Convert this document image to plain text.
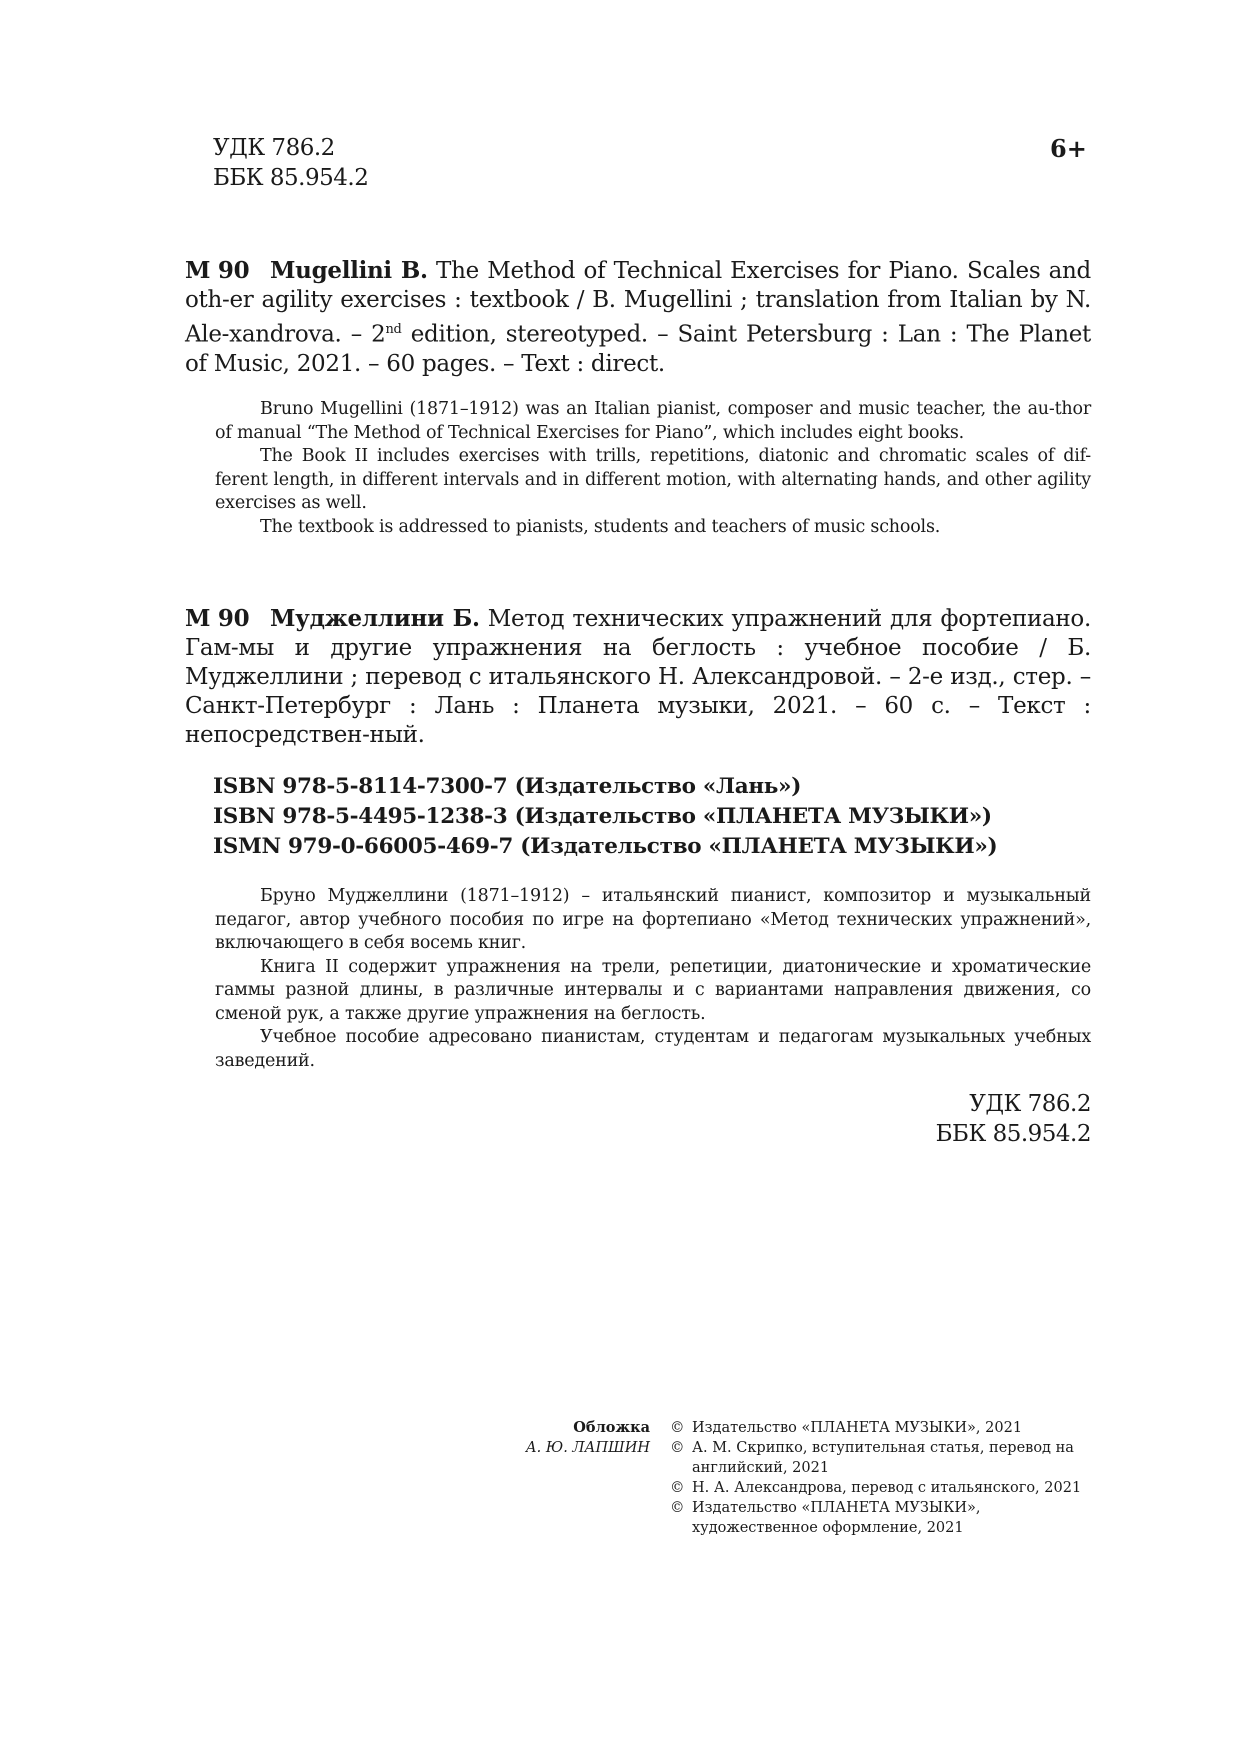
УДК 786.2
ББК 85.954.2
6+
M 90 Mugellini B. The Method of Technical Exercises for Piano. Scales and oth-er agility exercises : textbook / B. Mugellini ; translation from Italian by N. Ale-xandrova. – 2nd edition, stereotyped. – Saint Petersburg : Lan : The Planet of Music, 2021. – 60 pages. – Text : direct.

Bruno Mugellini (1871–1912) was an Italian pianist, composer and music teacher, the au-thor of manual “The Method of Technical Exercises for Piano”, which includes eight books.

The Book II includes exercises with trills, repetitions, diatonic and chromatic scales of dif-ferent length, in different intervals and in different motion, with alternating hands, and other agility exercises as well.

The textbook is addressed to pianists, students and teachers of music schools.

M 90 Муджеллини Б. Метод технических упражнений для фортепиано. Гам-мы и другие упражнения на беглость : учебное пособие / Б. Муджеллини ; перевод с итальянского Н. Александровой. – 2-е изд., стер. – Санкт-Петербург : Лань : Планета музыки, 2021. – 60 с. – Текст : непосредствен-ный.
ISBN 978-5-8114-7300-7 (Издательство «Лань»)
ISBN 978-5-4495-1238-3 (Издательство «ПЛАНЕТА МУЗЫКИ»)
ISMN 979-0-66005-469-7 (Издательство «ПЛАНЕТА МУЗЫКИ»)

Бруно Муджеллини (1871–1912) – итальянский пианист, композитор и музыкальный педагог, автор учебного пособия по игре на фортепиано «Метод технических упражнений», включающего в себя восемь книг.

Книга II содержит упражнения на трели, репетиции, диатонические и хроматические гаммы разной длины, в различные интервалы и с вариантами направления движения, со сменой рук, а также другие упражнения на беглость.

Учебное пособие адресовано пианистам, студентам и педагогам музыкальных учебных заведений.

УДК 786.2
ББК 85.954.2
Обложка
А. Ю. ЛАПШИН
© Издательство «ПЛАНЕТА МУЗЫКИ», 2021
© А. М. Скрипко, вступительная статья, перевод на английский, 2021
© Н. А. Александрова, перевод с итальянского, 2021
© Издательство «ПЛАНЕТА МУЗЫКИ», художественное оформление, 2021
